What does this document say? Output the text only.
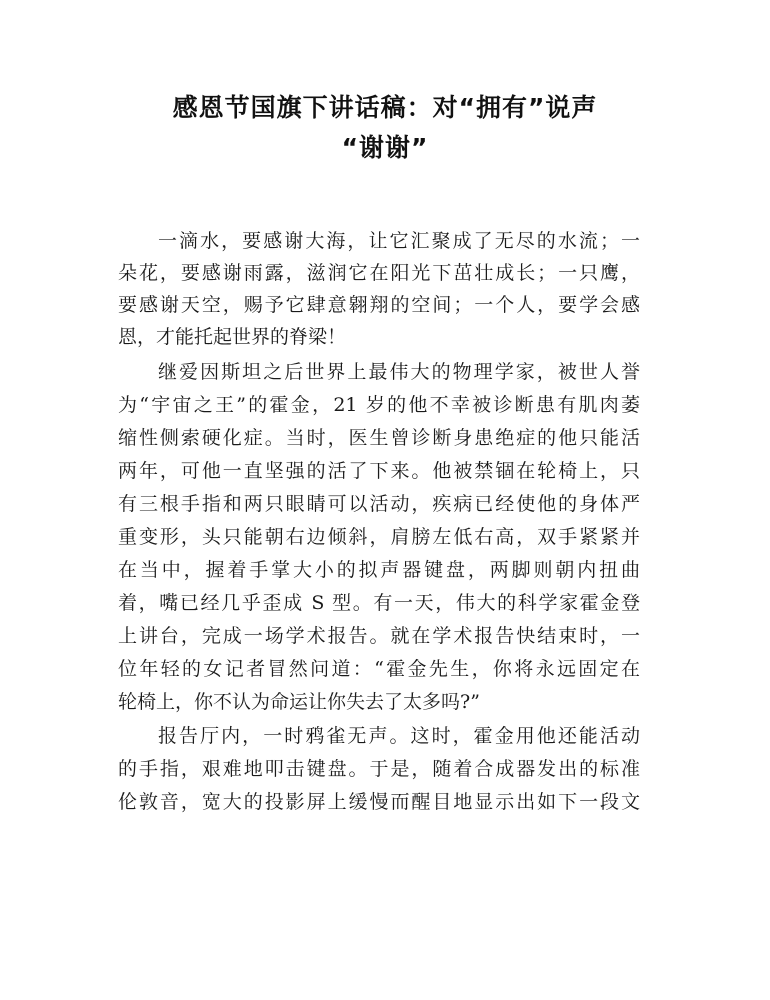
感恩节国旗下讲话稿：对“拥有”说声
“谢谢”

一滴水，要感谢大海，让它汇聚成了无尽的水流；一

朵花，要感谢雨露，滋润它在阳光下茁壮成长；一只鹰，

要感谢天空，赐予它肆意翱翔的空间；一个人，要学会感

恩，才能托起世界的脊梁！

继爱因斯坦之后世界上最伟大的物理学家，被世人誉

为“宇宙之王”的霍金，21 岁的他不幸被诊断患有肌肉萎

缩性侧索硬化症。当时，医生曾诊断身患绝症的他只能活

两年，可他一直坚强的活了下来。他被禁锢在轮椅上，只

有三根手指和两只眼睛可以活动，疾病已经使他的身体严

重变形，头只能朝右边倾斜，肩膀左低右高，双手紧紧并

在当中，握着手掌大小的拟声器键盘，两脚则朝内扭曲

着，嘴已经几乎歪成 S 型。有一天，伟大的科学家霍金登

上讲台，完成一场学术报告。就在学术报告快结束时，一

位年轻的女记者冒然问道：“霍金先生，你将永远固定在

轮椅上，你不认为命运让你失去了太多吗?”

报告厅内，一时鸦雀无声。这时，霍金用他还能活动

的手指，艰难地叩击键盘。于是，随着合成器发出的标准

伦敦音，宽大的投影屏上缓慢而醒目地显示出如下一段文
